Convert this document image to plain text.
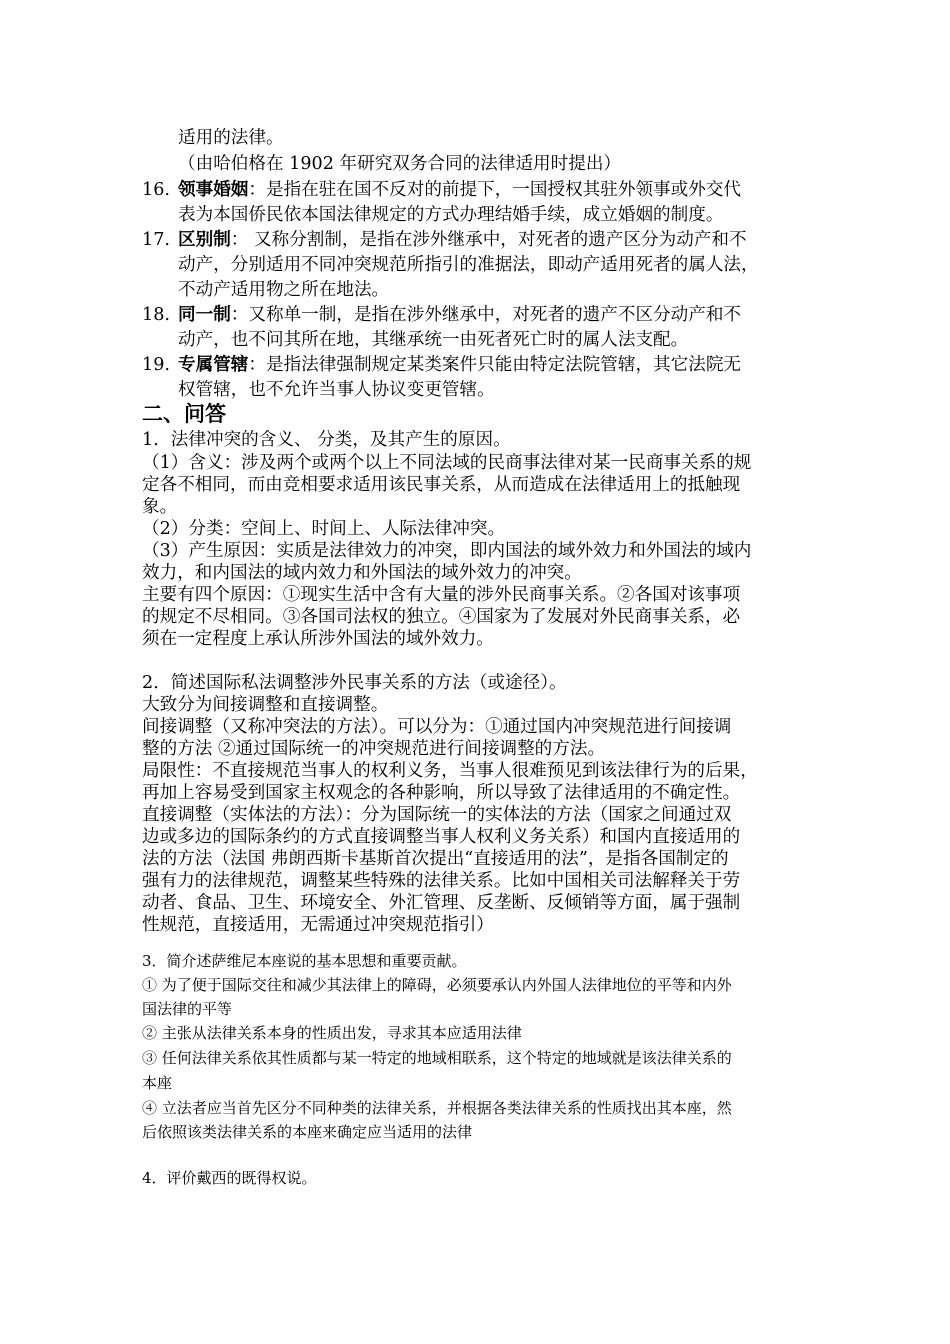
适用的法律。
（由哈伯格在 1902 年研究双务合同的法律适用时提出）
16. 领事婚姻：是指在驻在国不反对的前提下，一国授权其驻外领事或外交代
表为本国侨民依本国法律规定的方式办理结婚手续，成立婚姻的制度。
17. 区别制： 又称分割制，是指在涉外继承中，对死者的遗产区分为动产和不
动产，分别适用不同冲突规范所指引的准据法，即动产适用死者的属人法，
不动产适用物之所在地法。
18. 同一制：又称单一制，是指在涉外继承中，对死者的遗产不区分动产和不
动产，也不问其所在地，其继承统一由死者死亡时的属人法支配。
19. 专属管辖：是指法律强制规定某类案件只能由特定法院管辖，其它法院无
权管辖，也不允许当事人协议变更管辖。
二、问答
1．法律冲突的含义、 分类，及其产生的原因。
（1）含义：涉及两个或两个以上不同法域的民商事法律对某一民商事关系的规
定各不相同，而由竞相要求适用该民事关系，从而造成在法律适用上的抵触现
象。
（2）分类：空间上、时间上、人际法律冲突。
（3）产生原因：实质是法律效力的冲突，即内国法的域外效力和外国法的域内
效力，和内国法的域内效力和外国法的域外效力的冲突。
主要有四个原因：①现实生活中含有大量的涉外民商事关系。②各国对该事项
的规定不尽相同。③各国司法权的独立。④国家为了发展对外民商事关系，必
须在一定程度上承认所涉外国法的域外效力。
2．简述国际私法调整涉外民事关系的方法（或途径）。
大致分为间接调整和直接调整。
间接调整（又称冲突法的方法）。可以分为：①通过国内冲突规范进行间接调
整的方法 ②通过国际统一的冲突规范进行间接调整的方法。
局限性：不直接规范当事人的权利义务，当事人很难预见到该法律行为的后果，
再加上容易受到国家主权观念的各种影响，所以导致了法律适用的不确定性。
直接调整（实体法的方法）：分为国际统一的实体法的方法（国家之间通过双
边或多边的国际条约的方式直接调整当事人权利义务关系）和国内直接适用的
法的方法（法国 弗朗西斯卡基斯首次提出“直接适用的法”，是指各国制定的
强有力的法律规范，调整某些特殊的法律关系。比如中国相关司法解释关于劳
动者、食品、卫生、环境安全、外汇管理、反垄断、反倾销等方面，属于强制
性规范，直接适用，无需通过冲突规范指引）
3．简介述萨维尼本座说的基本思想和重要贡献。
① 为了便于国际交往和减少其法律上的障碍，必须要承认内外国人法律地位的平等和内外
国法律的平等
② 主张从法律关系本身的性质出发，寻求其本应适用法律
③ 任何法律关系依其性质都与某一特定的地域相联系，这个特定的地域就是该法律关系的
本座
④ 立法者应当首先区分不同种类的法律关系，并根据各类法律关系的性质找出其本座，然
后依照该类法律关系的本座来确定应当适用的法律
4．评价戴西的既得权说。
